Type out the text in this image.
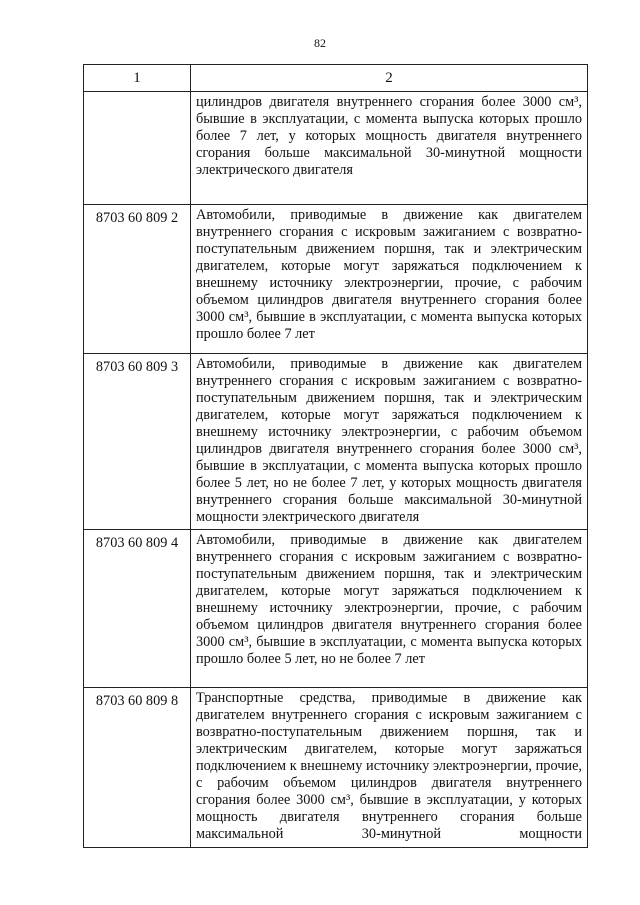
82
1	2
	цилиндров двигателя внутреннего сгорания более 3000 см³, бывшие в эксплуатации, с момента выпуска которых прошло более 7 лет, у которых мощность двигателя внутреннего сгорания больше максимальной 30-минутной мощности электрического двигателя
8703 60 809 2	Автомобили, приводимые в движение как двигателем внутреннего сгорания с искровым зажиганием с возвратно-поступательным движением поршня, так и электрическим двигателем, которые могут заряжаться подключением к внешнему источнику электроэнергии, прочие, с рабочим объемом цилиндров двигателя внутреннего сгорания более 3000 см³, бывшие в эксплуатации, с момента выпуска которых прошло более 7 лет
8703 60 809 3	Автомобили, приводимые в движение как двигателем внутреннего сгорания с искровым зажиганием с возвратно-поступательным движением поршня, так и электрическим двигателем, которые могут заряжаться подключением к внешнему источнику электроэнергии, с рабочим объемом цилиндров двигателя внутреннего сгорания более 3000 см³, бывшие в эксплуатации, с момента выпуска которых прошло более 5 лет, но не более 7 лет, у которых мощность двигателя внутреннего сгорания больше максимальной 30-минутной мощности электрического двигателя
8703 60 809 4	Автомобили, приводимые в движение как двигателем внутреннего сгорания с искровым зажиганием с возвратно-поступательным движением поршня, так и электрическим двигателем, которые могут заряжаться подключением к внешнему источнику электроэнергии, прочие, с рабочим объемом цилиндров двигателя внутреннего сгорания более 3000 см³, бывшие в эксплуатации, с момента выпуска которых прошло более 5 лет, но не более 7 лет
8703 60 809 8	Транспортные средства, приводимые в движение как двигателем внутреннего сгорания с искровым зажиганием с возвратно-поступательным движением поршня, так и электрическим двигателем, которые могут заряжаться подключением к внешнему источнику электроэнергии, прочие, с рабочим объемом цилиндров двигателя внутреннего сгорания более 3000 см³, бывшие в эксплуатации, у которых мощность двигателя внутреннего сгорания больше максимальной 30-минутной мощности
